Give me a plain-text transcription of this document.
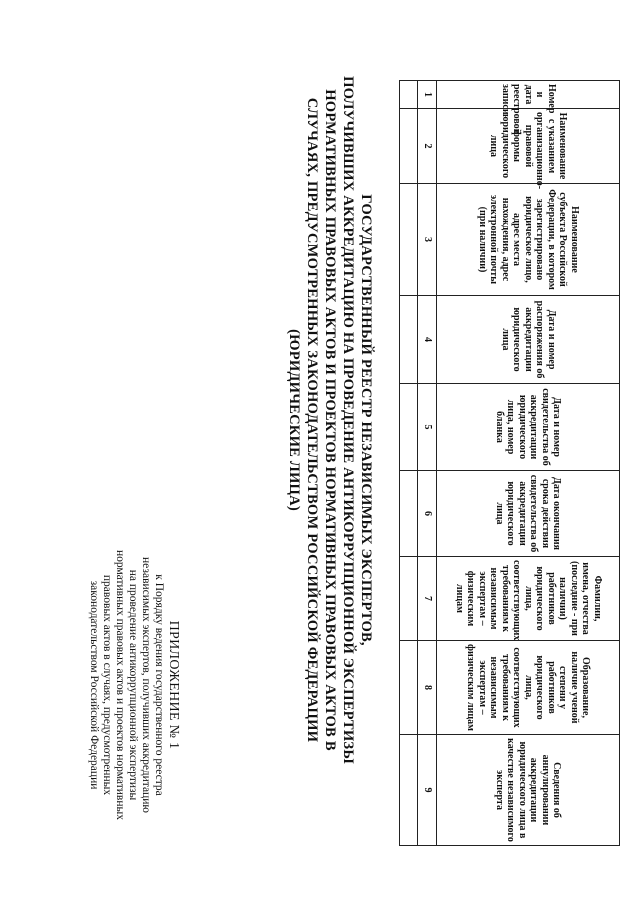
ПРИЛОЖЕНИЕ № 1
к Порядку ведения государственного реестра
независимых экспертов, получивших аккредитацию
на проведение антикоррупционной экспертизы
нормативных правовых актов и проектов нормативных
правовых актов в случаях, предусмотренных
законодательством Российской Федерации
ГОСУДАРСТВЕННЫЙ РЕЕСТР НЕЗАВИСИМЫХ ЭКСПЕРТОВ,
ПОЛУЧИВШИХ АККРЕДИТАЦИЮ НА ПРОВЕДЕНИЕ АНТИКОРРУПЦИОННОЙ ЭКСПЕРТИЗЫ
НОРМАТИВНЫХ ПРАВОВЫХ АКТОВ И ПРОЕКТОВ НОРМАТИВНЫХ ПРАВОВЫХ АКТОВ В
СЛУЧАЯХ, ПРЕДУСМОТРЕННЫХ ЗАКОНОДАТЕЛЬСТВОМ РОССИЙСКОЙ ФЕДЕРАЦИИ
(ЮРИДИЧЕСКИЕ ЛИЦА)
Номер и дата реестровой записи	Наименование с указанием организационно-правовой формы юридического лица	Наименование субъекта Российской Федерации, в котором зарегистрировано юридическое лицо, адрес места нахождения, адрес электронной почты (при наличии)	Дата и номер распоряжения об аккредитации юридического лица	Дата и номер свидетельства об аккредитации юридического лица, номер бланка	Дата окончания срока действия свидетельства об аккредитации юридического лица	Фамилии, имена, отчества (последние - при наличии) работников юридического лица, соответствующих требованиям к независимым экспертам – физическим лицам	Образование, наличие ученой степени у работников юридического лица, соответствующих требованиям к независимым экспертам – физическим лицам	Сведения об аннулировании аккредитации юридического лица в качестве независимого эксперта
1	2	3	4	5	6	7	8	9
